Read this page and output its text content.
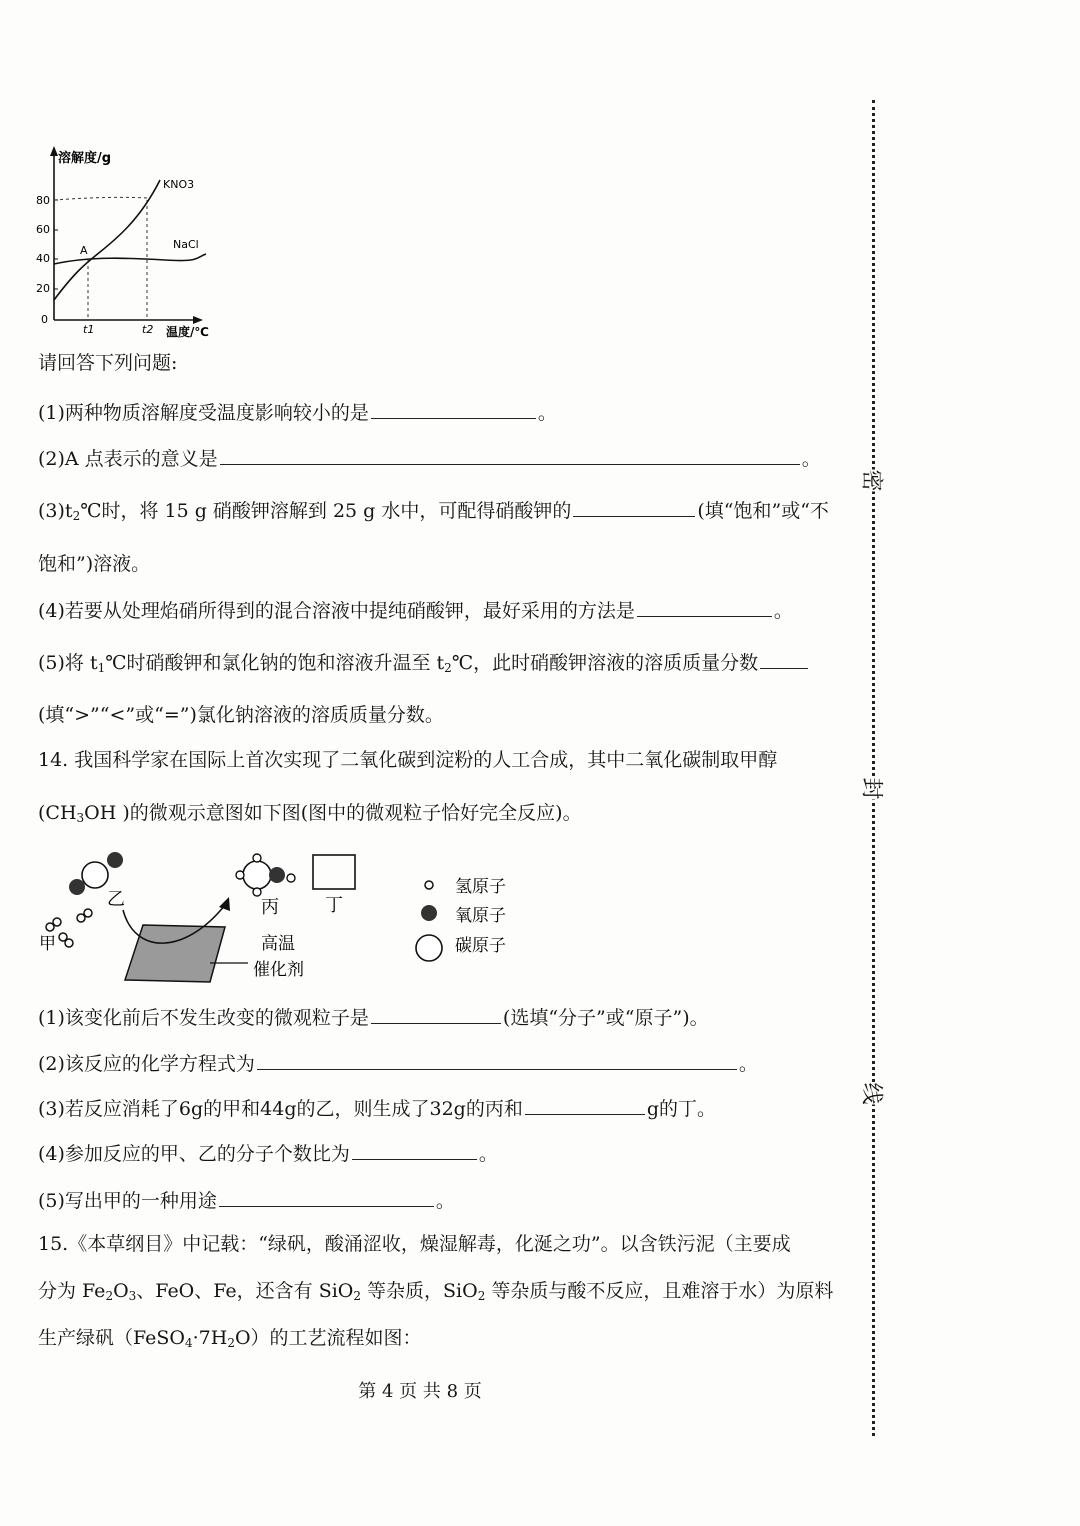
溶解度/g
80
60
40
20
0
A
KNO3
NaCl
t1	t2 温度/℃
请回答下列问题:
(1)两种物质溶解度受温度影响较小的是	。
(2)A 点表示的意义是	。
$(3)t_2℃$时，将 15 g 硝酸钾溶解到 25 g 水中，可配得硝酸钾的	(填“饱和”或“不
饱和”)溶液。
(4)若要从处理焰硝所得到的混合溶液中提纯硝酸钾，最好采用的方法是	。
(5)将 $t_1℃$时硝酸钾和氯化钠的饱和溶液升温至 $t_2℃$，此时硝酸钾溶液的溶质质量分数
(填“>”“<”或“=”)氯化钠溶液的溶质质量分数。
14. 我国科学家在国际上首次实现了二氧化碳到淀粉的人工合成，其中二氧化碳制取甲醇
($CH_3OH$ )的微观示意图如下图(图中的微观粒子恰好完全反应)。
甲
乙	丙	丁
高温
催化剂
氢原子
氧原子
碳原子
(1)该变化前后不发生改变的微观粒子是	(选填“分子”或“原子”)。
(2)该反应的化学方程式为	。
(3)若反应消耗了6g的甲和44g的乙，则生成了32g的丙和	g的丁。
(4)参加反应的甲、乙的分子个数比为	。
(5)写出甲的一种用途	。
15.《本草纲目》中记载：“绿矾，酸涌涩收，燥湿解毒，化涎之功”。以含铁污泥（主要成
分为 $Fe_2O_3$、FeO、Fe，还含有 SiO$_2$ 等杂质，SiO$_2$ 等杂质与酸不反应，且难溶于水）为原料
生产绿矾$(FeSO_4\cdot 7H_2O)$的工艺流程如图：
第 4 页 共 8 页
密
封
线
